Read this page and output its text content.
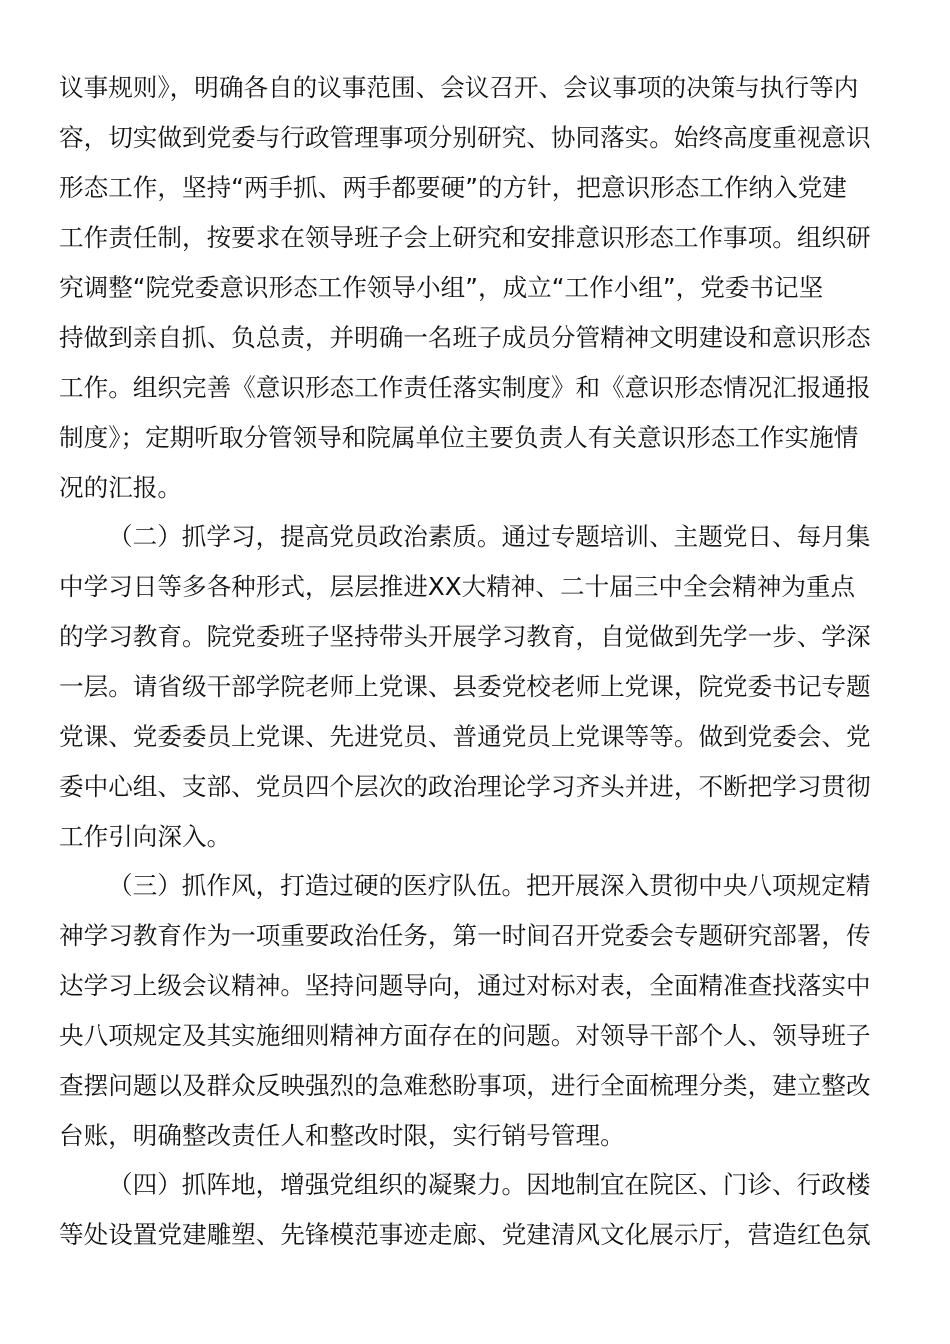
议事规则》，明确各自的议事范围、会议召开、会议事项的决策与执行等内
容，切实做到党委与行政管理事项分别研究、协同落实。始终高度重视意识
形态工作，坚持“两手抓、两手都要硬”的方针，把意识形态工作纳入党建
工作责任制，按要求在领导班子会上研究和安排意识形态工作事项。组织研
究调整“院党委意识形态工作领导小组”，成立“工作小组”，党委书记坚
持做到亲自抓、负总责，并明确一名班子成员分管精神文明建设和意识形态
工作。组织完善《意识形态工作责任落实制度》和《意识形态情况汇报通报
制度》；定期听取分管领导和院属单位主要负责人有关意识形态工作实施情
况的汇报。
（二）抓学习，提高党员政治素质。通过专题培训、主题党日、每月集
中学习日等多各种形式，层层推进XX大精神、二十届三中全会精神为重点
的学习教育。院党委班子坚持带头开展学习教育，自觉做到先学一步、学深
一层。请省级干部学院老师上党课、县委党校老师上党课，院党委书记专题
党课、党委委员上党课、先进党员、普通党员上党课等等。做到党委会、党
委中心组、支部、党员四个层次的政治理论学习齐头并进，不断把学习贯彻
工作引向深入。
（三）抓作风，打造过硬的医疗队伍。把开展深入贯彻中央八项规定精
神学习教育作为一项重要政治任务，第一时间召开党委会专题研究部署，传
达学习上级会议精神。坚持问题导向，通过对标对表，全面精准查找落实中
央八项规定及其实施细则精神方面存在的问题。对领导干部个人、领导班子
查摆问题以及群众反映强烈的急难愁盼事项，进行全面梳理分类，建立整改
台账，明确整改责任人和整改时限，实行销号管理。
（四）抓阵地，增强党组织的凝聚力。因地制宜在院区、门诊、行政楼
等处设置党建雕塑、先锋模范事迹走廊、党建清风文化展示厅，营造红色氛
